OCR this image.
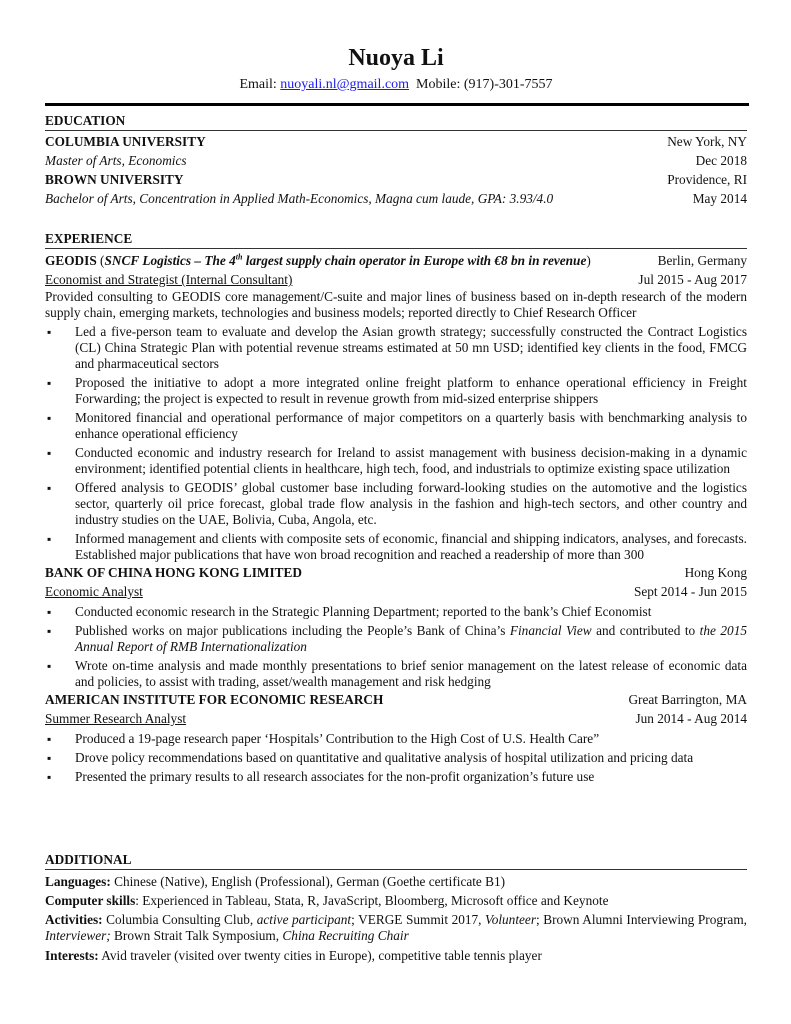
Nuoya Li
Email: nuoyali.nl@gmail.com Mobile: (917)-301-7557
EDUCATION
COLUMBIA UNIVERSITY	New York, NY
Master of Arts, Economics	Dec 2018
BROWN UNIVERSITY	Providence, RI
Bachelor of Arts, Concentration in Applied Math-Economics, Magna cum laude, GPA: 3.93/4.0	May 2014
EXPERIENCE
GEODIS (SNCF Logistics – The 4th largest supply chain operator in Europe with €8 bn in revenue)	Berlin, Germany
Economist and Strategist (Internal Consultant)	Jul 2015 - Aug 2017
Provided consulting to GEODIS core management/C-suite and major lines of business based on in-depth research of the modern supply chain, emerging markets, technologies and business models; reported directly to Chief Research Officer
▪ Led a five-person team to evaluate and develop the Asian growth strategy; successfully constructed the Contract Logistics (CL) China Strategic Plan with potential revenue streams estimated at 50 mn USD; identified key clients in the food, FMCG and pharmaceutical sectors
▪ Proposed the initiative to adopt a more integrated online freight platform to enhance operational efficiency in Freight Forwarding; the project is expected to result in revenue growth from mid-sized enterprise shippers
▪ Monitored financial and operational performance of major competitors on a quarterly basis with benchmarking analysis to enhance operational efficiency
▪ Conducted economic and industry research for Ireland to assist management with business decision-making in a dynamic environment; identified potential clients in healthcare, high tech, food, and industrials to optimize existing space utilization
▪ Offered analysis to GEODIS’ global customer base including forward-looking studies on the automotive and the logistics sector, quarterly oil price forecast, global trade flow analysis in the fashion and high-tech sectors, and other country and industry studies on the UAE, Bolivia, Cuba, Angola, etc.
▪ Informed management and clients with composite sets of economic, financial and shipping indicators, analyses, and forecasts. Established major publications that have won broad recognition and reached a readership of more than 300
BANK OF CHINA HONG KONG LIMITED	Hong Kong
Economic Analyst	Sept 2014 - Jun 2015
▪ Conducted economic research in the Strategic Planning Department; reported to the bank’s Chief Economist
▪ Published works on major publications including the People’s Bank of China’s Financial View and contributed to the 2015 Annual Report of RMB Internationalization
▪ Wrote on-time analysis and made monthly presentations to brief senior management on the latest release of economic data and policies, to assist with trading, asset/wealth management and risk hedging
AMERICAN INSTITUTE FOR ECONOMIC RESEARCH	Great Barrington, MA
Summer Research Analyst	Jun 2014 - Aug 2014
▪ Produced a 19-page research paper ‘Hospitals’ Contribution to the High Cost of U.S. Health Care”
▪ Drove policy recommendations based on quantitative and qualitative analysis of hospital utilization and pricing data
▪ Presented the primary results to all research associates for the non-profit organization’s future use
ADDITIONAL
Languages: Chinese (Native), English (Professional), German (Goethe certificate B1)
Computer skills: Experienced in Tableau, Stata, R, JavaScript, Bloomberg, Microsoft office and Keynote
Activities: Columbia Consulting Club, active participant; VERGE Summit 2017, Volunteer; Brown Alumni Interviewing Program, Interviewer; Brown Strait Talk Symposium, China Recruiting Chair
Interests: Avid traveler (visited over twenty cities in Europe), competitive table tennis player
